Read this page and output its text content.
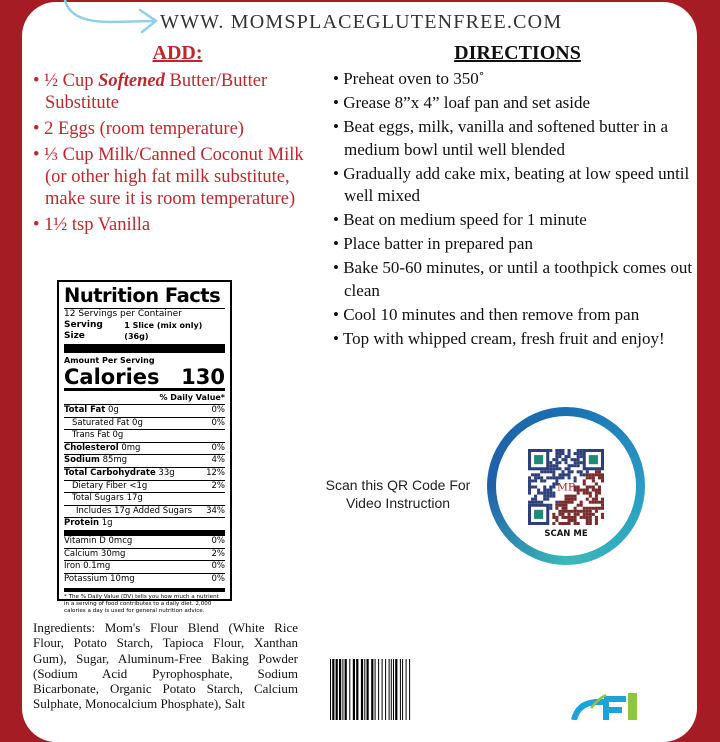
WWW. MOMSPLACEGLUTENFREE.COM
ADD:
• ½ Cup Softened Butter/Butter Substitute
• 2 Eggs (room temperature)
• ⅓ Cup Milk/Canned Coconut Milk (or other high fat milk substitute, make sure it is room temperature)
• 1½ tsp Vanilla
DIRECTIONS
• Preheat oven to 350˚
• Grease 8”x 4” loaf pan and set aside
• Beat eggs, milk, vanilla and softened butter in a medium bowl until well blended
• Gradually add cake mix, beating at low speed until well mixed
• Beat on medium speed for 1 minute
• Place batter in prepared pan
• Bake 50-60 minutes, or until a toothpick comes out clean
• Cool 10 minutes and then remove from pan
• Top with whipped cream, fresh fruit and enjoy!
Nutrition Facts
12 Servings per Container
Serving Size
1 Slice (mix only) (36g)
Amount Per Serving
Calories 130
% Daily Value*
Total Fat 0g	0%
Saturated Fat 0g	0%
Trans Fat 0g
Cholesterol 0mg	0%
Sodium 85mg	4%
Total Carbohydrate 33g	12%
Dietary Fiber <1g	2%
Total Sugars 17g
Includes 17g Added Sugars 34%
Protein 1g
Vitamin D 0mcg	0%
Calcium 30mg	2%
Iron 0.1mg	0%
Potassium 10mg	0%
* The % Daily Value (DV) tells you how much a nutrient in a serving of food contributes to a daily diet. 2,000 calories a day is used for general nutrition advice.
Ingredients: Mom's Flour Blend (White Rice Flour, Potato Starch, Tapioca Flour, Xanthan Gum), Sugar, Aluminum-Free Baking Powder (Sodium Acid Pyrophosphate, Sodium Bicarbonate, Organic Potato Starch, Calcium Sulphate, Monocalcium Phosphate), Salt
Scan this QR Code For Video Instruction
MP
SCAN ME
